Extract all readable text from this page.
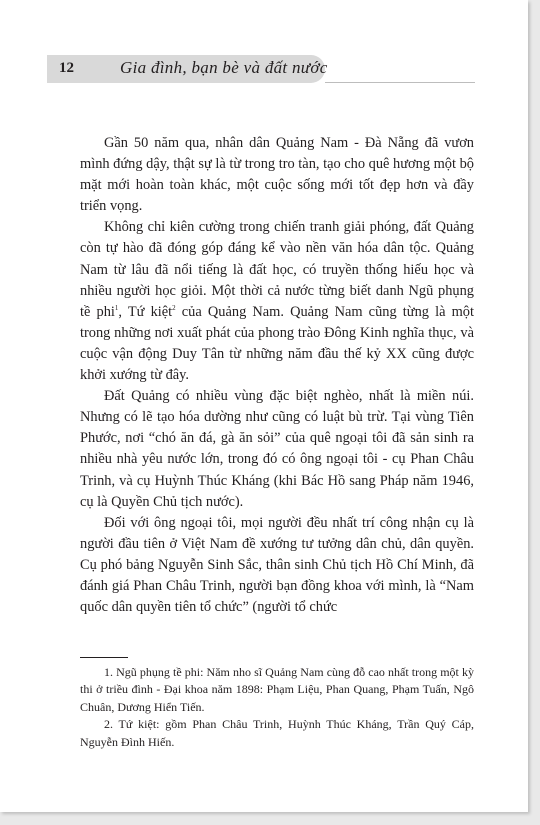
12	Gia đình, bạn bè và đất nước

Gần 50 năm qua, nhân dân Quảng Nam - Đà Nẵng đã vươn mình đứng dậy, thật sự là từ trong tro tàn, tạo cho quê hương một bộ mặt mới hoàn toàn khác, một cuộc sống mới tốt đẹp hơn và đầy triển vọng.

Không chỉ kiên cường trong chiến tranh giải phóng, đất Quảng còn tự hào đã đóng góp đáng kể vào nền văn hóa dân tộc. Quảng Nam từ lâu đã nổi tiếng là đất học, có truyền thống hiếu học và nhiều người học giỏi. Một thời cả nước từng biết danh Ngũ phụng tề phi$^1$, Tứ kiệt$^2$ của Quảng Nam. Quảng Nam cũng từng là một trong những nơi xuất phát của phong trào Đông Kinh nghĩa thục, và cuộc vận động Duy Tân từ những năm đầu thế kỷ XX cũng được khởi xướng từ đây.

Đất Quảng có nhiều vùng đặc biệt nghèo, nhất là miền núi. Nhưng có lẽ tạo hóa dường như cũng có luật bù trừ. Tại vùng Tiên Phước, nơi “chó ăn đá, gà ăn sỏi” của quê ngoại tôi đã sản sinh ra nhiều nhà yêu nước lớn, trong đó có ông ngoại tôi - cụ Phan Châu Trinh, và cụ Huỳnh Thúc Kháng (khi Bác Hồ sang Pháp năm 1946, cụ là Quyền Chủ tịch nước).

Đối với ông ngoại tôi, mọi người đều nhất trí công nhận cụ là người đầu tiên ở Việt Nam đề xướng tư tưởng dân chủ, dân quyền. Cụ phó bảng Nguyễn Sinh Sắc, thân sinh Chủ tịch Hồ Chí Minh, đã đánh giá Phan Châu Trinh, người bạn đồng khoa với mình, là “Nam quốc dân quyền tiên tổ chức” (người tổ chức

1. Ngũ phụng tề phi: Năm nho sĩ Quảng Nam cùng đỗ cao nhất trong một kỳ thi ở triều đình - Đại khoa năm 1898: Phạm Liệu, Phan Quang, Phạm Tuấn, Ngô Chuân, Dương Hiển Tiến.

2. Tứ kiệt: gồm Phan Châu Trinh, Huỳnh Thúc Kháng, Trần Quý Cáp, Nguyễn Đình Hiến.
